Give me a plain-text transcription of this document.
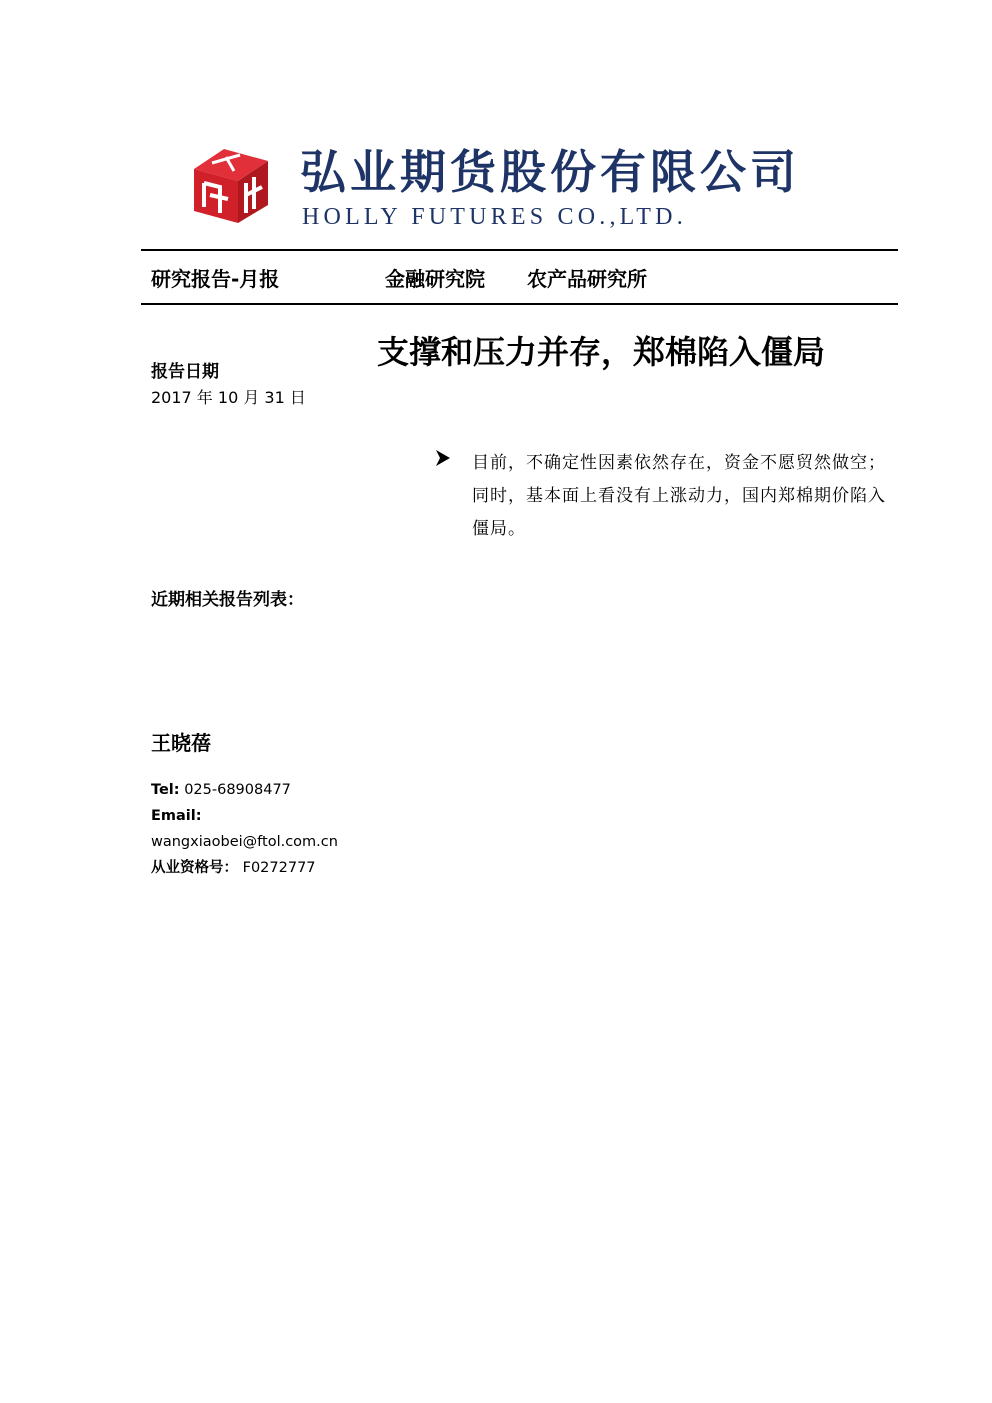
弘业期货股份有限公司
HOLLY FUTURES CO.,LTD.
研究报告-月报	金融研究院 农产品研究所
支撑和压力并存，郑棉陷入僵局
报告日期
2017 年 10 月 31 日
目前，不确定性因素依然存在，资金不愿贸然做空；同时，基本面上看没有上涨动力，国内郑棉期价陷入僵局。
近期相关报告列表：
王晓蓓
Tel: 025-68908477
Email:
wangxiaobei@ftol.com.cn
从业资格号： F0272777
